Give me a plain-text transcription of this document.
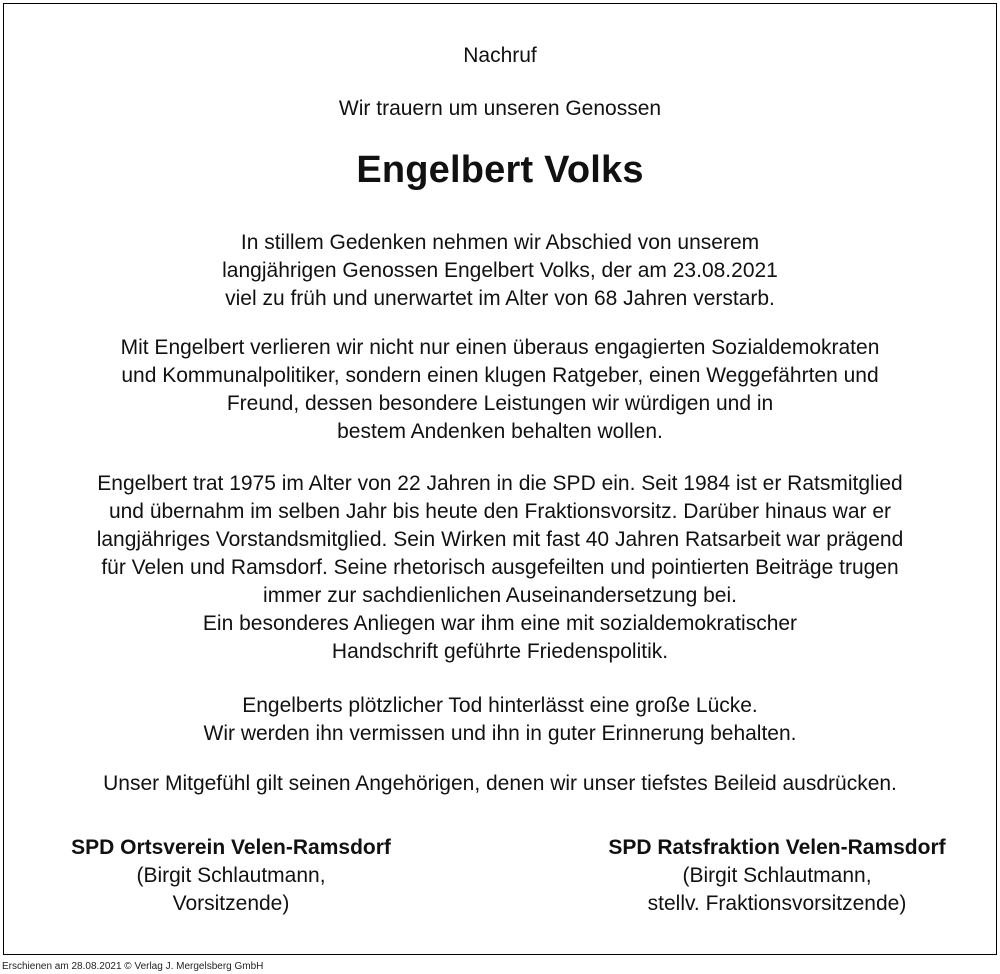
Nachruf
Wir trauern um unseren Genossen
Engelbert Volks
In stillem Gedenken nehmen wir Abschied von unserem
langjährigen Genossen Engelbert Volks, der am 23.08.2021
viel zu früh und unerwartet im Alter von 68 Jahren verstarb.
Mit Engelbert verlieren wir nicht nur einen überaus engagierten Sozialdemokraten
und Kommunalpolitiker, sondern einen klugen Ratgeber, einen Weggefährten und
Freund, dessen besondere Leistungen wir würdigen und in
bestem Andenken behalten wollen.
Engelbert trat 1975 im Alter von 22 Jahren in die SPD ein. Seit 1984 ist er Ratsmitglied
und übernahm im selben Jahr bis heute den Fraktionsvorsitz. Darüber hinaus war er
langjähriges Vorstandsmitglied. Sein Wirken mit fast 40 Jahren Ratsarbeit war prägend
für Velen und Ramsdorf. Seine rhetorisch ausgefeilten und pointierten Beiträge trugen
immer zur sachdienlichen Auseinandersetzung bei.
Ein besonderes Anliegen war ihm eine mit sozialdemokratischer
Handschrift geführte Friedenspolitik.
Engelberts plötzlicher Tod hinterlässt eine große Lücke.
Wir werden ihn vermissen und ihn in guter Erinnerung behalten.
Unser Mitgefühl gilt seinen Angehörigen, denen wir unser tiefstes Beileid ausdrücken.
SPD Ortsverein Velen-Ramsdorf
(Birgit Schlautmann,
Vorsitzende)
SPD Ratsfraktion Velen-Ramsdorf
(Birgit Schlautmann,
stellv. Fraktionsvorsitzende)
Erschienen am 28.08.2021 © Verlag J. Mergelsberg GmbH
